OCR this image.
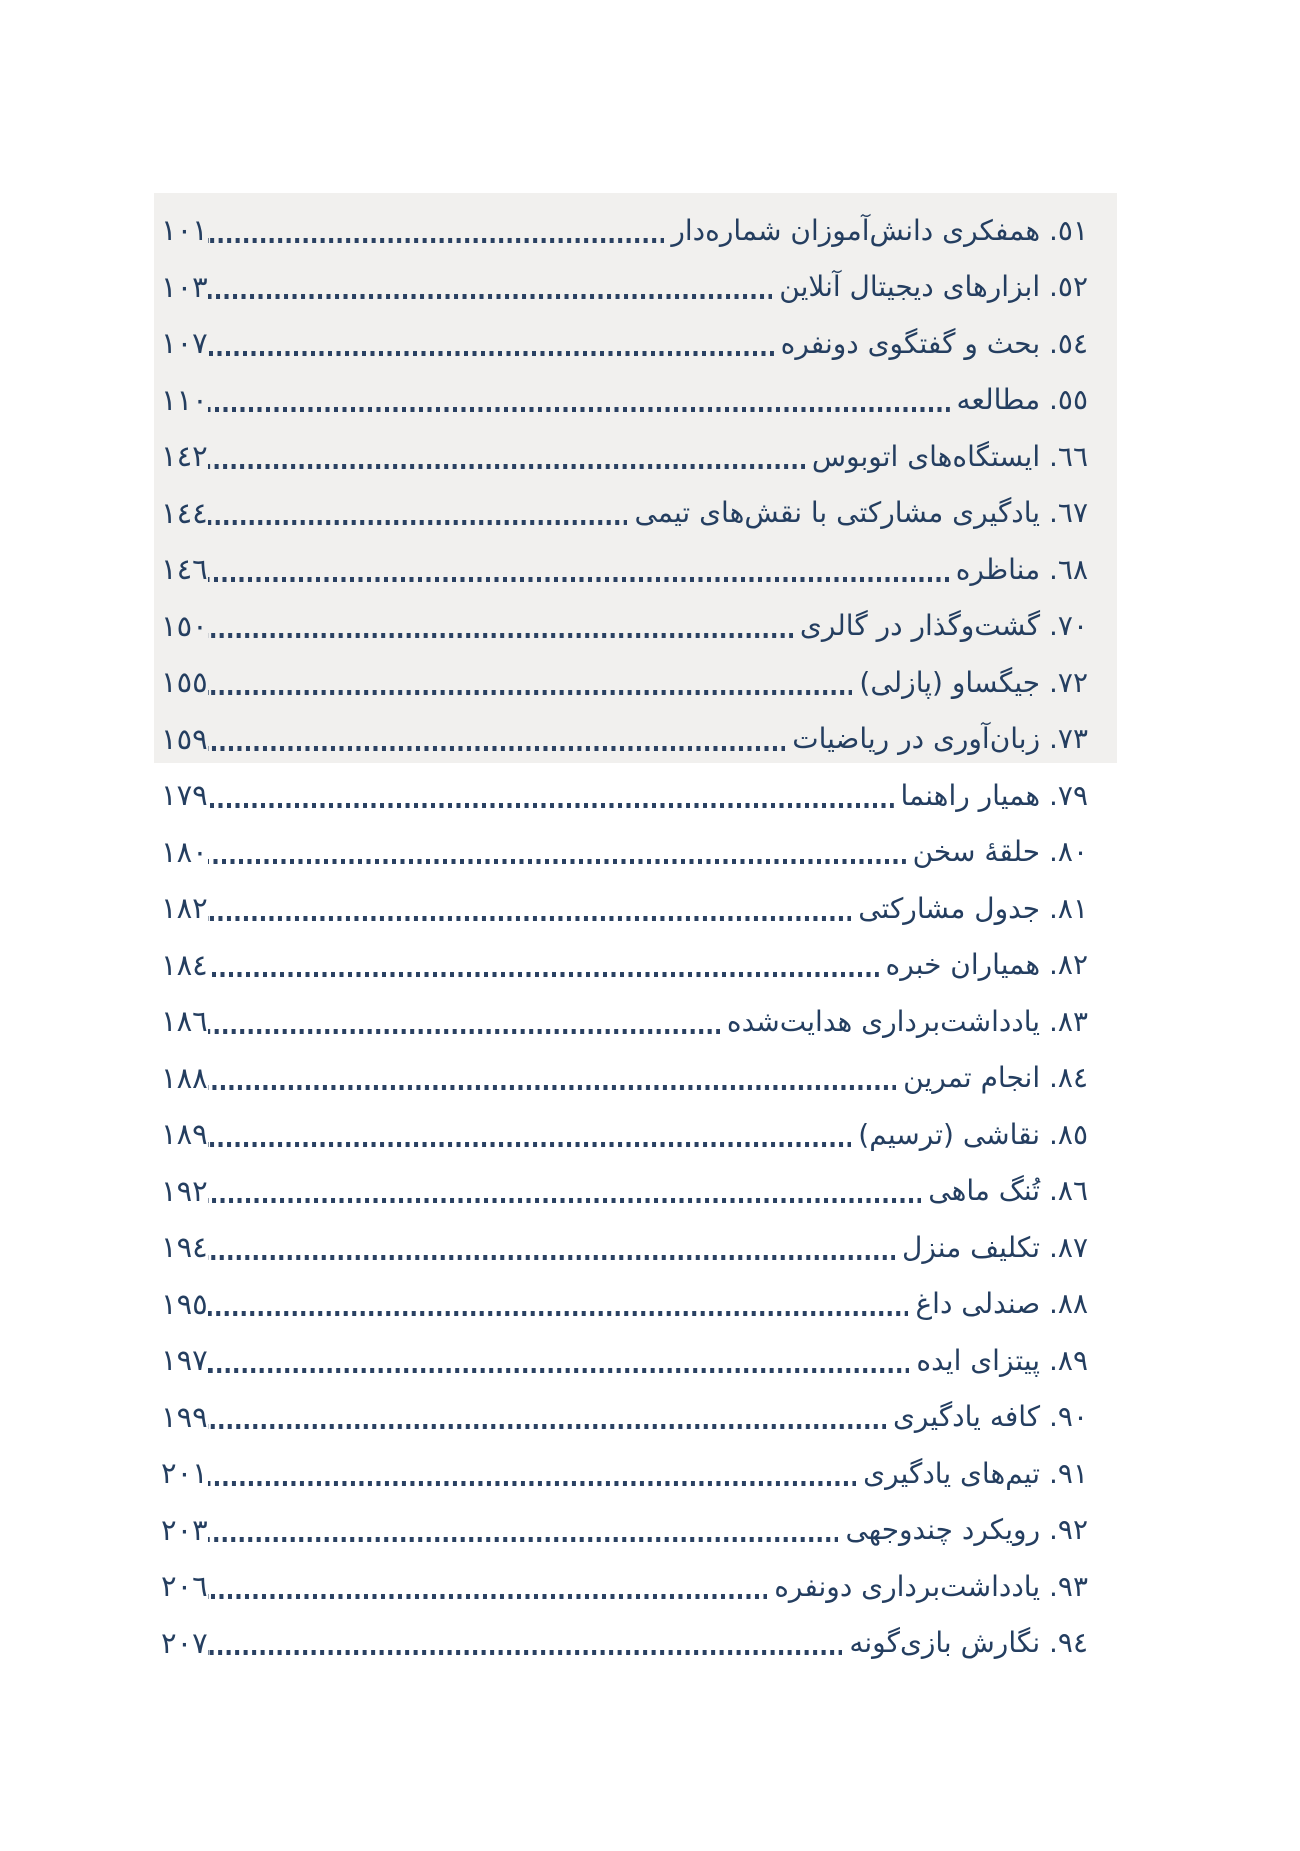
٥١. همفکری دانش‌آموزان شماره‌دار
١٠١
٥٢. ابزارهای دیجیتال آنلاین
١٠٣
٥٤. بحث و گفتگوی دونفره
١٠٧
٥٥. مطالعه
١١٠
٦٦. ایستگاه‌های اتوبوس
١٤٢
٦٧. یادگیری مشارکتی با نقش‌های تیمی
١٤٤
٦٨. مناظره
١٤٦
٧٠. گشت‌وگذار در گالری
١٥٠
٧٢. جیگساو (پازلی)
١٥٥
٧٣. زبان‌آوری در ریاضیات
١٥٩
٧٩. همیار راهنما
١٧٩
٨٠. حلقۀ سخن
١٨٠
٨١. جدول مشارکتی
١٨٢
٨٢. همیاران خبره
١٨٤
٨٣. یادداشت‌برداری هدایت‌شده
١٨٦
٨٤. انجام تمرین
١٨٨
٨٥. نقاشی (ترسیم)
١٨٩
٨٦. تُنگ ماهی
١٩٢
٨٧. تکلیف منزل
١٩٤
٨٨. صندلی داغ
١٩٥
٨٩. پیتزای ایده
١٩٧
٩٠. کافه یادگیری
١٩٩
٩١. تیم‌های یادگیری
٢٠١
٩٢. رویکرد چندوجهی
٢٠٣
٩٣. یادداشت‌برداری دونفره
٢٠٦
٩٤. نگارش بازی‌گونه
٢٠٧
